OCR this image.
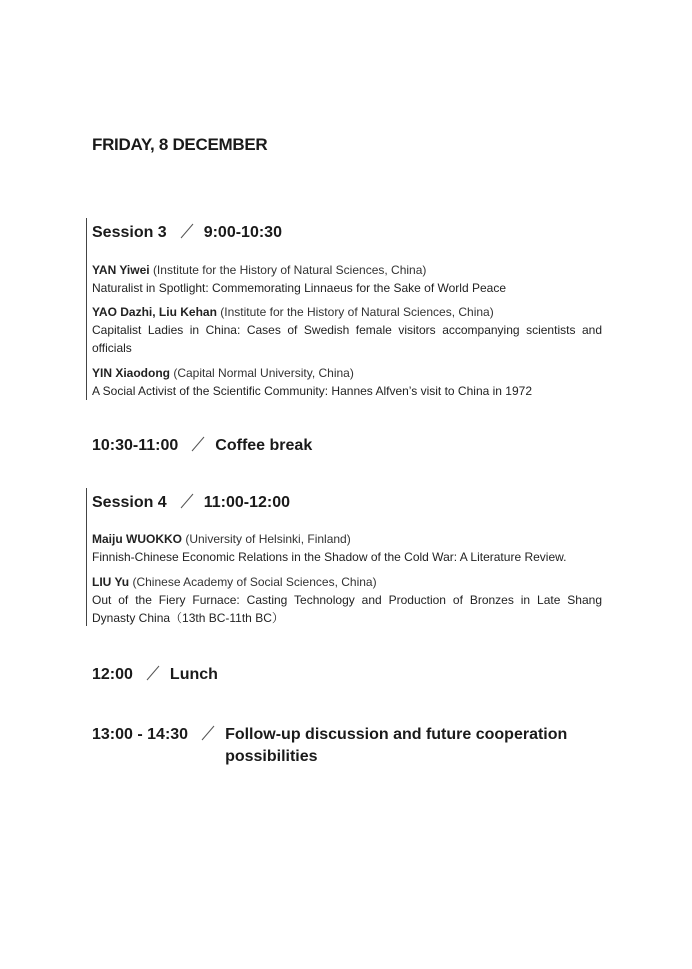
FRIDAY, 8 DECEMBER
Session 3 9:00-10:30
YAN Yiwei (Institute for the History of Natural Sciences, China)
Naturalist in Spotlight: Commemorating Linnaeus for the Sake of World Peace
YAO Dazhi, Liu Kehan (Institute for the History of Natural Sciences, China)
Capitalist Ladies in China: Cases of Swedish female visitors accompanying scientists and officials
YIN Xiaodong (Capital Normal University, China)
A Social Activist of the Scientific Community: Hannes Alfven’s visit to China in 1972
10:30-11:00 Coffee break
Session 4 11:00-12:00
Maiju WUOKKO (University of Helsinki, Finland)
Finnish-Chinese Economic Relations in the Shadow of the Cold War: A Literature Review.
LIU Yu (Chinese Academy of Social Sciences, China)
Out of the Fiery Furnace: Casting Technology and Production of Bronzes in Late Shang Dynasty China（13th BC-11th BC）
12:00 Lunch
13:00 - 14:30 Follow-up discussion and future cooperation
possibilities
